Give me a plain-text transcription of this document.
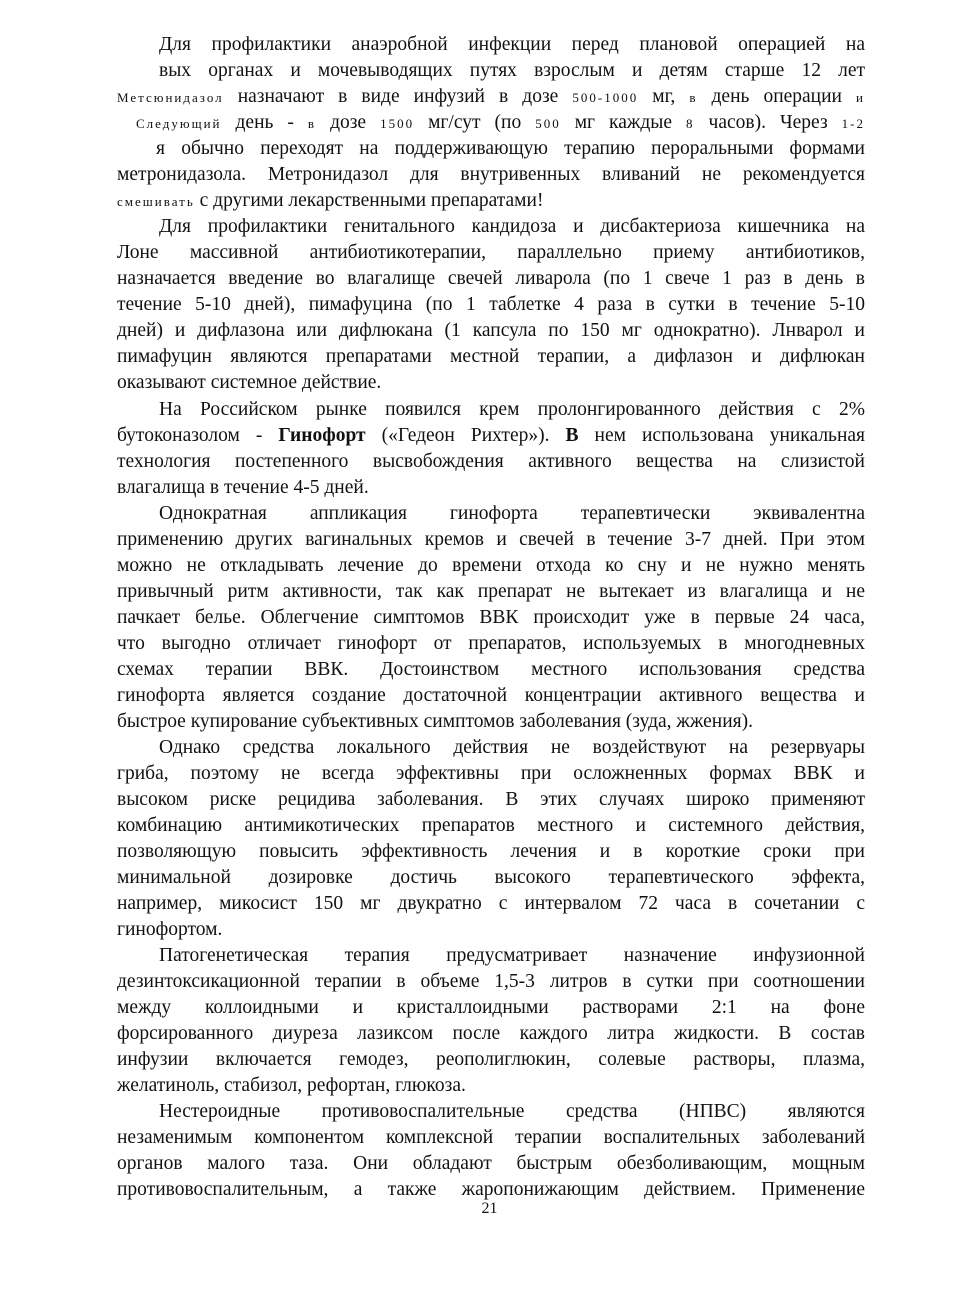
Для профилактики анаэробной инфекции перед плановой операцией на
вых органах и мочевыводящих путях взрослым и детям старше 12 лет
Метсюнидазол назначают в виде инфузий в дозе 500-1000 мг, в день операции и
Следующий день - в дозе 1500 мг/сут (по 500 мг каждые 8 часов). Через 1-2
я обычно переходят на поддерживающую терапию пероральными формами
метронидазола. Метронидазол для внутривенных вливаний не рекомендуется
смешивать с другими лекарственными препаратами!
Для профилактики генитального кандидоза и дисбактериоза кишечника на
Лоне массивной антибиотикотерапии, параллельно приему антибиотиков,
назначается введение во влагалище свечей ливарола (по 1 свече 1 раз в день в
течение 5-10 дней), пимафуцина (по 1 таблетке 4 раза в сутки в течение 5-10
дней) и дифлазона или дифлюкана (1 капсула по 150 мг однократно). Лнварол и
пимафуцин являются препаратами местной терапии, а дифлазон и дифлюкан
оказывают системное действие.
На Российском рынке появился крем пролонгированного действия с 2%
бутоконазолом - Гинофорт («Гедеон Рихтер»). В нем использована уникальная
технология постепенного высвобождения активного вещества на слизистой
влагалища в течение 4-5 дней.
Однократная аппликация гинофорта терапевтически эквивалентна
применению других вагинальных кремов и свечей в течение 3-7 дней. При этом
можно не откладывать лечение до времени отхода ко сну и не нужно менять
привычный ритм активности, так как препарат не вытекает из влагалища и не
пачкает белье. Облегчение симптомов ВВК происходит уже в первые 24 часа,
что выгодно отличает гинофорт от препаратов, используемых в многодневных
схемах терапии ВВК. Достоинством местного использования средства
гинофорта является создание достаточной концентрации активного вещества и
быстрое купирование субъективных симптомов заболевания (зуда, жжения).
Однако средства локального действия не воздействуют на резервуары
гриба, поэтому не всегда эффективны при осложненных формах ВВК и
высоком риске рецидива заболевания. В этих случаях широко применяют
комбинацию антимикотических препаратов местного и системного действия,
позволяющую повысить эффективность лечения и в короткие сроки при
минимальной дозировке достичь высокого терапевтического эффекта,
например, микосист 150 мг двукратно с интервалом 72 часа в сочетании с
гинофортом.
Патогенетическая терапия предусматривает назначение инфузионной
дезинтоксикационной терапии в объеме 1,5-3 литров в сутки при соотношении
между коллоидными и кристаллоидными растворами 2:1 на фоне
форсированного диуреза лазиксом после каждого литра жидкости. В состав
инфузии включается гемодез, реополиглюкин, солевые растворы, плазма,
желатиноль, стабизол, рефортан, глюкоза.
Нестероидные противовоспалительные средства (НПВС) являются
незаменимым компонентом комплексной терапии воспалительных заболеваний
органов малого таза. Они обладают быстрым обезболивающим, мощным
противовоспалительным, а также жаропонижающим действием. Применение
21
